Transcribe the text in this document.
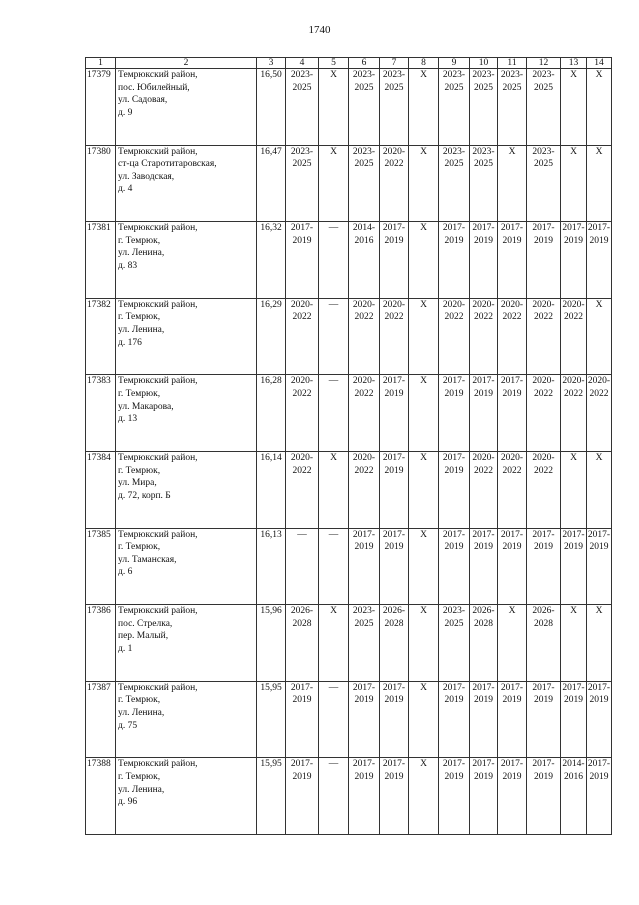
1740
1	2	3	4	5	6	7	8	9	10	11	12	13	14
17379	Темрюкский район,
пос. Юбилейный,
ул. Садовая,
д. 9	16,50	2023-
2025	X	2023-
2025	2023-
2025	X	2023-
2025	2023-
2025	2023-
2025	2023-
2025	X	X

17380	Темрюкский район,
ст-ца Старотитаровская,
ул. Заводская,
д. 4	16,47	2023-
2025	X	2023-
2025	2020-
2022	X	2023-
2025	2023-
2025	X	2023-
2025	X	X

17381	Темрюкский район,
г. Темрюк,
ул. Ленина,
д. 83	16,32	2017-
2019	—	2014-
2016	2017-
2019	X	2017-
2019	2017-
2019	2017-
2019	2017-
2019	2017-
2019	2017-
2019

17382	Темрюкский район,
г. Темрюк,
ул. Ленина,
д. 176	16,29	2020-
2022	—	2020-
2022	2020-
2022	X	2020-
2022	2020-
2022	2020-
2022	2020-
2022	2020-
2022	X

17383	Темрюкский район,
г. Темрюк,
ул. Макарова,
д. 13	16,28	2020-
2022	—	2020-
2022	2017-
2019	X	2017-
2019	2017-
2019	2017-
2019	2020-
2022	2020-
2022	2020-
2022

17384	Темрюкский район,
г. Темрюк,
ул. Мира,
д. 72, корп. Б	16,14	2020-
2022	X	2020-
2022	2017-
2019	X	2017-
2019	2020-
2022	2020-
2022	2020-
2022	X	X

17385	Темрюкский район,
г. Темрюк,
ул. Таманская,
д. 6	16,13	—	—	2017-
2019	2017-
2019	X	2017-
2019	2017-
2019	2017-
2019	2017-
2019	2017-
2019	2017-
2019

17386	Темрюкский район,
пос. Стрелка,
пер. Малый,
д. 1	15,96	2026-
2028	X	2023-
2025	2026-
2028	X	2023-
2025	2026-
2028	X	2026-
2028	X	X

17387	Темрюкский район,
г. Темрюк,
ул. Ленина,
д. 75	15,95	2017-
2019	—	2017-
2019	2017-
2019	X	2017-
2019	2017-
2019	2017-
2019	2017-
2019	2017-
2019	2017-
2019

17388	Темрюкский район,
г. Темрюк,
ул. Ленина,
д. 96	15,95	2017-
2019	—	2017-
2019	2017-
2019	X	2017-
2019	2017-
2019	2017-
2019	2017-
2019	2014-
2016	2017-
2019
